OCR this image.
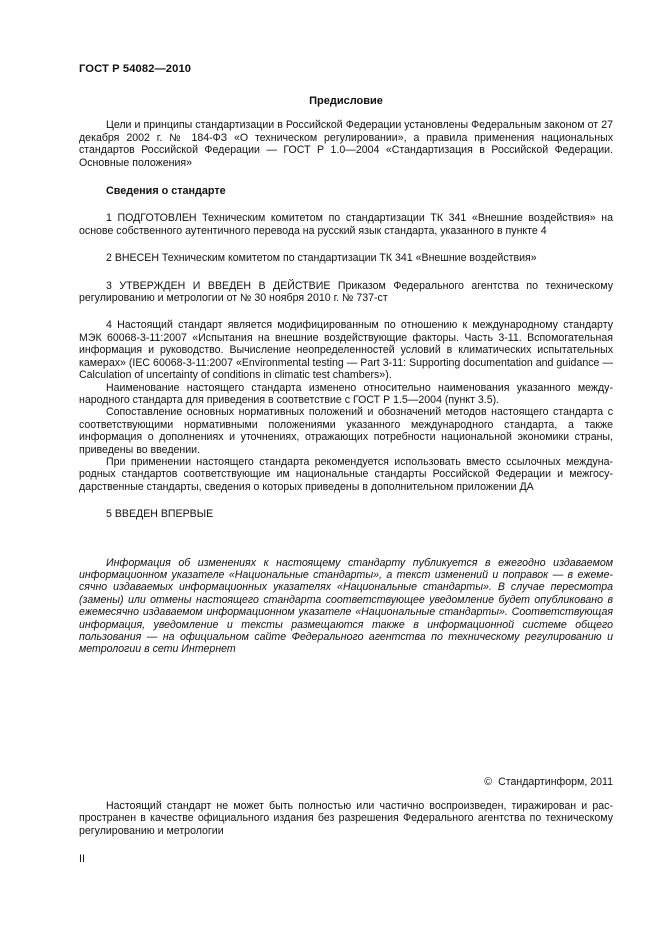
ГОСТ Р 54082—2010

Предисловие

Цели и принципы стандартизации в Российской Федерации установлены Федеральным законом от 27 декабря 2002 г. № 184-ФЗ «О техническом регулировании», а правила применения национальных стандартов Российской Федерации — ГОСТ Р 1.0—2004 «Стандартизация в Российской Федерации. Основные положения»

Сведения о стандарте

1 ПОДГОТОВЛЕН Техническим комитетом по стандартизации ТК 341 «Внешние воздействия» на основе собственного аутентичного перевода на русский язык стандарта, указанного в пункте 4

2 ВНЕСЕН Техническим комитетом по стандартизации ТК 341 «Внешние воздействия»

3 УТВЕРЖДЕН И ВВЕДЕН В ДЕЙСТВИЕ Приказом Федерального агентства по техническому регулированию и метрологии от № 30 ноября 2010 г. № 737-ст

4 Настоящий стандарт является модифицированным по отношению к международному стандарту МЭК 60068-3-11:2007 «Испытания на внешние воздействующие факторы. Часть 3-11. Вспомогательная информация и руководство. Вычисление неопределенностей условий в климатических испытательных камерах» (IEC 60068-3-11:2007 «Environmental testing — Part 3-11: Supporting documentation and guidance — Calculation of uncertainty of conditions in climatic test chambers»).

Наименование настоящего стандарта изменено относительно наименования указанного международного стандарта для приведения в соответствие с ГОСТ Р 1.5—2004 (пункт 3.5).

Сопоставление основных нормативных положений и обозначений методов настоящего стандарта с соответствующими нормативными положениями указанного международного стандарта, а также информация о дополнениях и уточнениях, отражающих потребности национальной экономики страны, приведены во введении.

При применении настоящего стандарта рекомендуется использовать вместо ссылочных международных стандартов соответствующие им национальные стандарты Российской Федерации и межгосударственные стандарты, сведения о которых приведены в дополнительном приложении ДА

5 ВВЕДЕН ВПЕРВЫЕ

Информация об изменениях к настоящему стандарту публикуется в ежегодно издаваемом информационном указателе «Национальные стандарты», а текст изменений и поправок — в ежемесячно издаваемых информационных указателях «Национальные стандарты». В случае пересмотра (замены) или отмены настоящего стандарта соответствующее уведомление будет опубликовано в ежемесячно издаваемом информационном указателе «Национальные стандарты». Соответствующая информация, уведомление и тексты размещаются также в информационной системе общего пользования — на официальном сайте Федерального агентства по техническому регулированию и метрологии в сети Интернет

© Стандартинформ, 2011

Настоящий стандарт не может быть полностью или частично воспроизведен, тиражирован и распространен в качестве официального издания без разрешения Федерального агентства по техническому регулированию и метрологии

II
